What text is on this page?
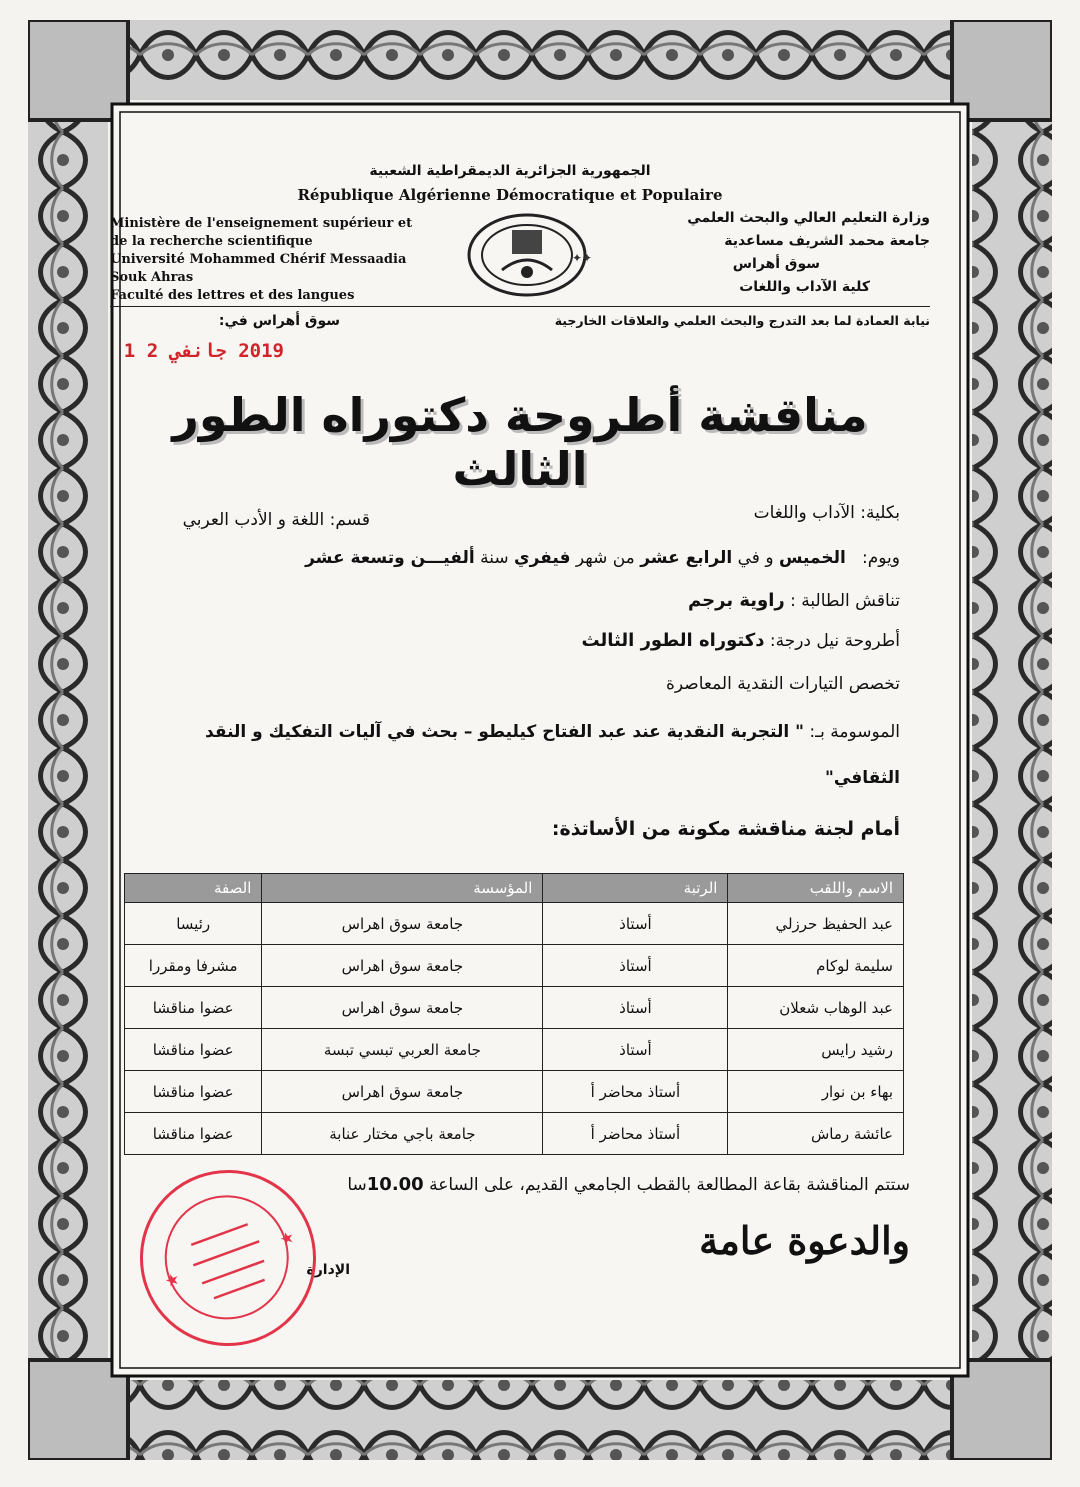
الجمهورية الجزائرية الديمقراطية الشعبية
République Algérienne Démocratique et Populaire
Ministère de l'enseignement supérieur et
de la recherche scientifique
Université Mohammed Chérif Messaadia
Souk Ahras
Faculté des lettres et des langues
✦✦
وزارة التعليم العالي والبحث العلمي
جامعة محمد الشريف مساعدية
سوق أهراس
كلية الآداب واللغات
نيابة العمادة لما بعد التدرج والبحث العلمي والعلاقات الخارجية
سوق أهراس في:
2019 جانفي 2 1
مناقشة أطروحة دكتوراه الطور الثالث
بكلية: الآداب واللغات
قسم: اللغة و الأدب العربي
ويوم:   الخميس و في الرابع عشر من شهر فيفري سنة ألفيـــن وتسعة عشر
تناقش الطالبة : راوية برجم
أطروحة نيل درجة: دكتوراه الطور الثالث
تخصص التيارات النقدية المعاصرة
الموسومة بـ: " التجربة النقدية عند عبد الفتاح كيليطو – بحث في آليات التفكيك و النقد
الثقافي"
أمام لجنة مناقشة مكونة من الأساتذة:
الاسم واللقب	الرتبة	المؤسسة	الصفة
عبد الحفيظ حرزلي	أستاذ	جامعة سوق اهراس	رئيسا
سليمة لوكام	أستاذ	جامعة سوق اهراس	مشرفا ومقررا
عبد الوهاب شعلان	أستاذ	جامعة سوق اهراس	عضوا مناقشا
رشيد رايس	أستاذ	جامعة العربي تبسي تبسة	عضوا مناقشا
بهاء بن نوار	أستاذ محاضر أ	جامعة سوق اهراس	عضوا مناقشا
عائشة رماش	أستاذ محاضر أ	جامعة باجي مختار عنابة	عضوا مناقشا
ستتم المناقشة بقاعة المطالعة بالقطب الجامعي القديم، على الساعة 10.00سا
والدعوة عامة
الإدارة
★
★
